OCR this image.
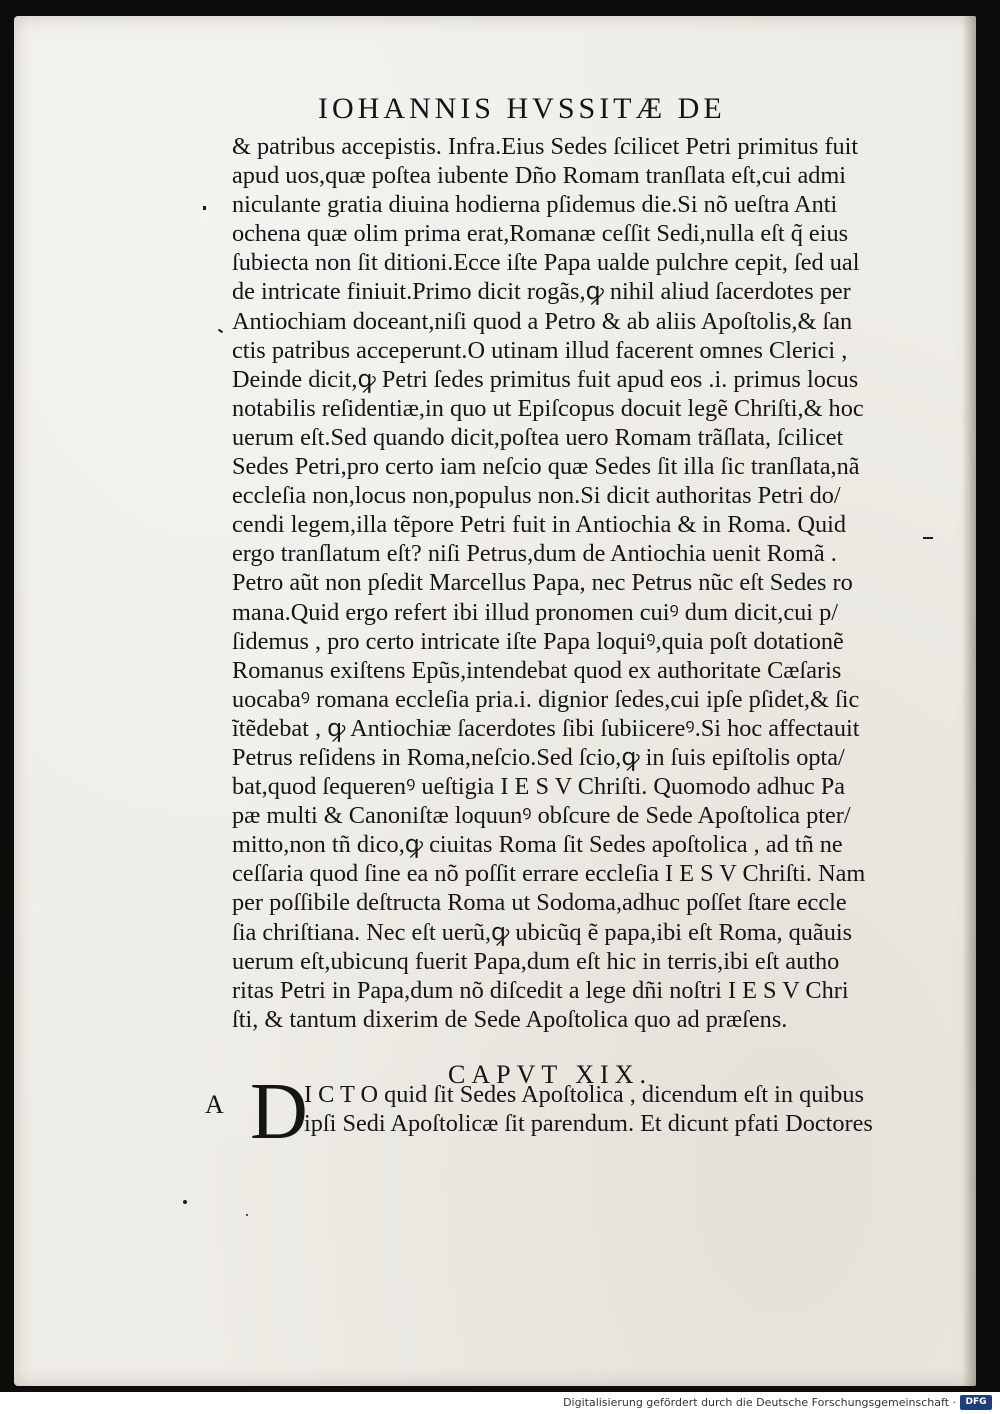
IOHANNIS HVSSITÆ DE
& patribus accepistis. Infra.Eius Sedes ſcilicet Petri primitus fuit
apud uos,quæ poſtea iubente Dño Romam tranſlata eſt,cui admi
niculante gratia diuina hodierna pſidemus die.Si nõ ueſtra Anti
ochena quæ olim prima erat,Romanæ ceſſit Sedi,nulla eſt q̃ eius
ſubiecta non ſit ditioni.Ecce iſte Papa ualde pulchre cepit, ſed ual
de intricate finiuit.Primo dicit rogãs,ꝙ nihil aliud ſacerdotes per
Antiochiam doceant,niſi quod a Petro & ab aliis Apoſtolis,& ſan
ctis patribus acceperunt.O utinam illud facerent omnes Clerici ,
Deinde dicit,ꝙ Petri ſedes primitus fuit apud eos .i. primus locus
notabilis reſidentiæ,in quo ut Epiſcopus docuit legẽ Chriſti,& hoc
uerum eſt.Sed quando dicit,poſtea uero Romam trãſlata, ſcilicet
Sedes Petri,pro certo iam neſcio quæ Sedes ſit illa ſic tranſlata,nã
eccleſia non,locus non,populus non.Si dicit authoritas Petri do/
cendi legem,illa tẽpore Petri fuit in Antiochia & in Roma. Quid
ergo tranſlatum eſt? niſi Petrus,dum de Antiochia uenit Romã .
Petro aũt non pſedit Marcellus Papa, nec Petrus nũc eſt Sedes ro
mana.Quid ergo refert ibi illud pronomen cuiꝰ dum dicit,cui p/
ſidemus , pro certo intricate iſte Papa loquiꝰ,quia poſt dotationẽ
Romanus exiſtens Epũs,intendebat quod ex authoritate Cæſaris
uocabaꝰ romana eccleſia pria.i. dignior ſedes,cui ipſe pſidet,& ſic
ĩtẽdebat , ꝙ Antiochiæ ſacerdotes ſibi ſubiicereꝰ.Si hoc affectauit
Petrus reſidens in Roma,neſcio.Sed ſcio,ꝙ in ſuis epiſtolis opta/
bat,quod ſequerenꝰ ueſtigia I E S V Chriſti. Quomodo adhuc Pa
pæ multi & Canoniſtæ loquunꝰ obſcure de Sede Apoſtolica pter/
mitto,non tñ dico,ꝙ ciuitas Roma ſit Sedes apoſtolica , ad tñ ne
ceſſaria quod ſine ea nõ poſſit errare eccleſia I E S V Chriſti. Nam
per poſſibile deſtructa Roma ut Sodoma,adhuc poſſet ſtare eccle
ſia chriſtiana. Nec eſt uerũ,ꝙ ubicũq ẽ papa,ibi eſt Roma, quãuis
uerum eſt,ubicunq fuerit Papa,dum eſt hic in terris,ibi eſt autho
ritas Petri in Papa,dum nõ diſcedit a lege dñi noſtri I E S V Chri
ſti, & tantum dixerim de Sede Apoſtolica quo ad præſens.
CAPVT XIX.
A D
I C T O quid ſit Sedes Apoſtolica , dicendum eſt in quibus
ipſi Sedi Apoſtolicæ ſit parendum. Et dicunt pfati Doctores
Digitalisierung gefördert durch die Deutsche Forschungsgemeinschaft ·	DFG
